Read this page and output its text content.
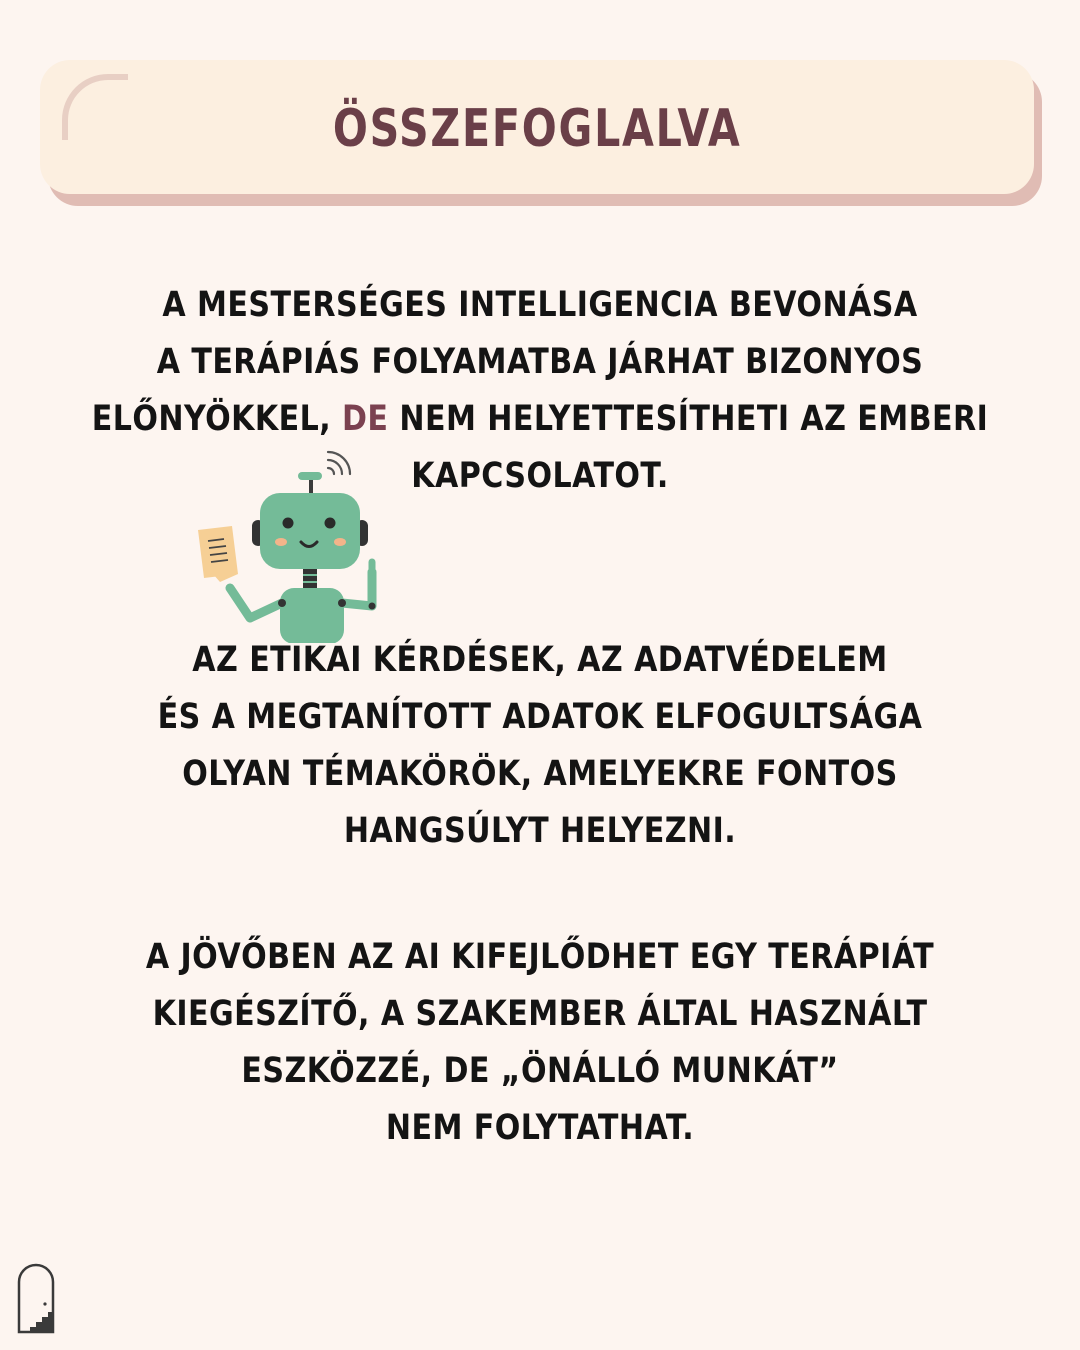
ÖSSZEFOGLALVA
A MESTERSÉGES INTELLIGENCIA BEVONÁSA
A TERÁPIÁS FOLYAMATBA JÁRHAT BIZONYOS
ELŐNYÖKKEL, DE NEM HELYETTESÍTHETI AZ EMBERI
KAPCSOLATOT.
AZ ETIKAI KÉRDÉSEK, AZ ADATVÉDELEM
ÉS A MEGTANÍTOTT ADATOK ELFOGULTSÁGA
OLYAN TÉMAKÖRÖK, AMELYEKRE FONTOS
HANGSÚLYT HELYEZNI.
A JÖVŐBEN AZ AI KIFEJLŐDHET EGY TERÁPIÁT
KIEGÉSZÍTŐ, A SZAKEMBER ÁLTAL HASZNÁLT
ESZKÖZZÉ, DE „ÖNÁLLÓ MUNKÁT”
NEM FOLYTATHAT.
